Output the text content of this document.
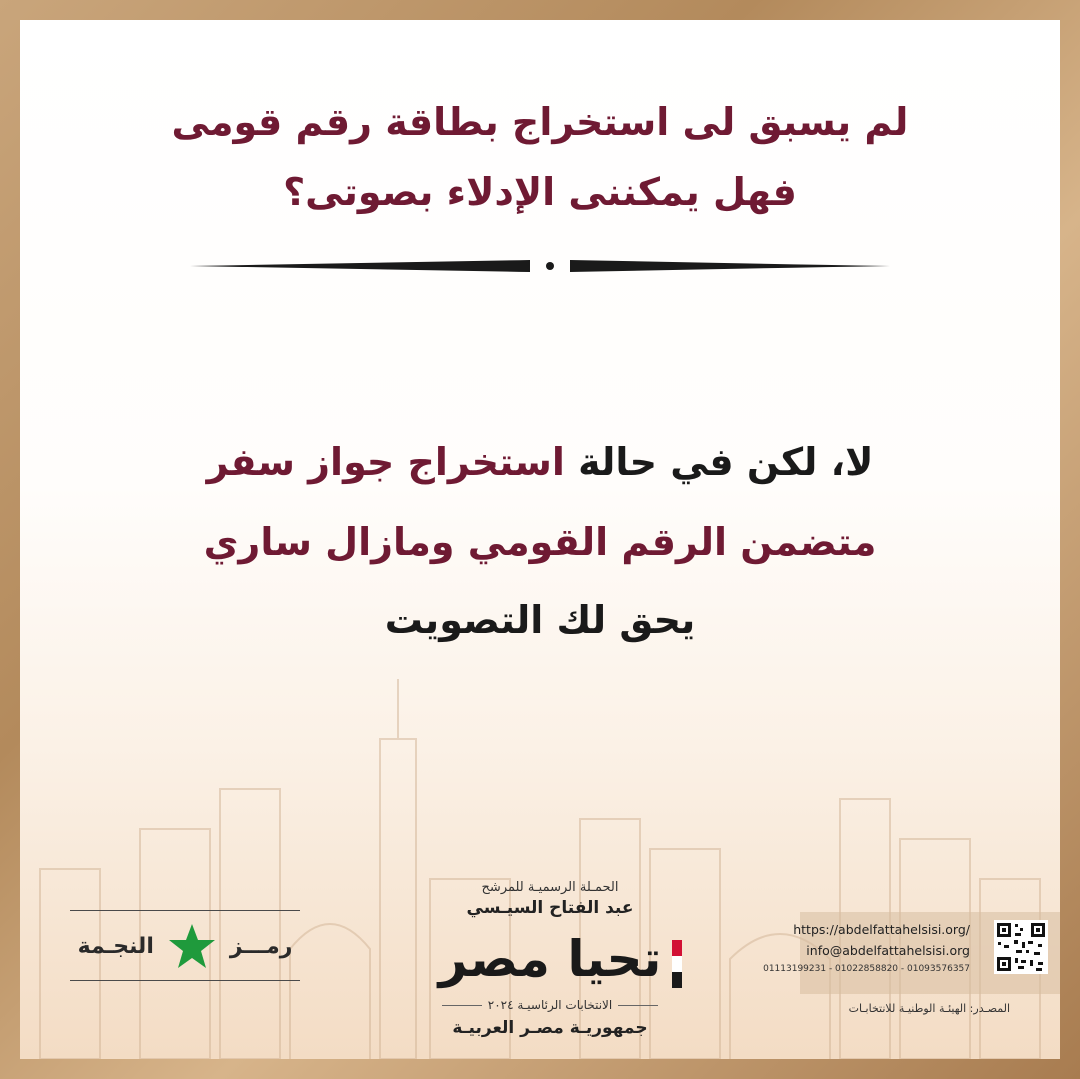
لم يسبق لى استخراج بطاقة رقم قومى
فهل يمكننى الإدلاء بصوتى؟

لا، لكن في حالة استخراج جواز سفر

متضمن الرقم القومي ومازال ساري

يحق لك التصويت

رمـــز
النجـمة

الحمـلة الرسميـة للمرشح

عبد الفتاح السيـسي

تحيا مصر
الانتخابات الرئاسيـة ٢٠٢٤
جمهوريـة مصـر العربيـة
https://abdelfattahelsisi.org/
info@abdelfattahelsisi.org
01113199231 - 01022858820 - 01093576357
المصـدر: الهيئـة الوطنيـة للانتخابـات
